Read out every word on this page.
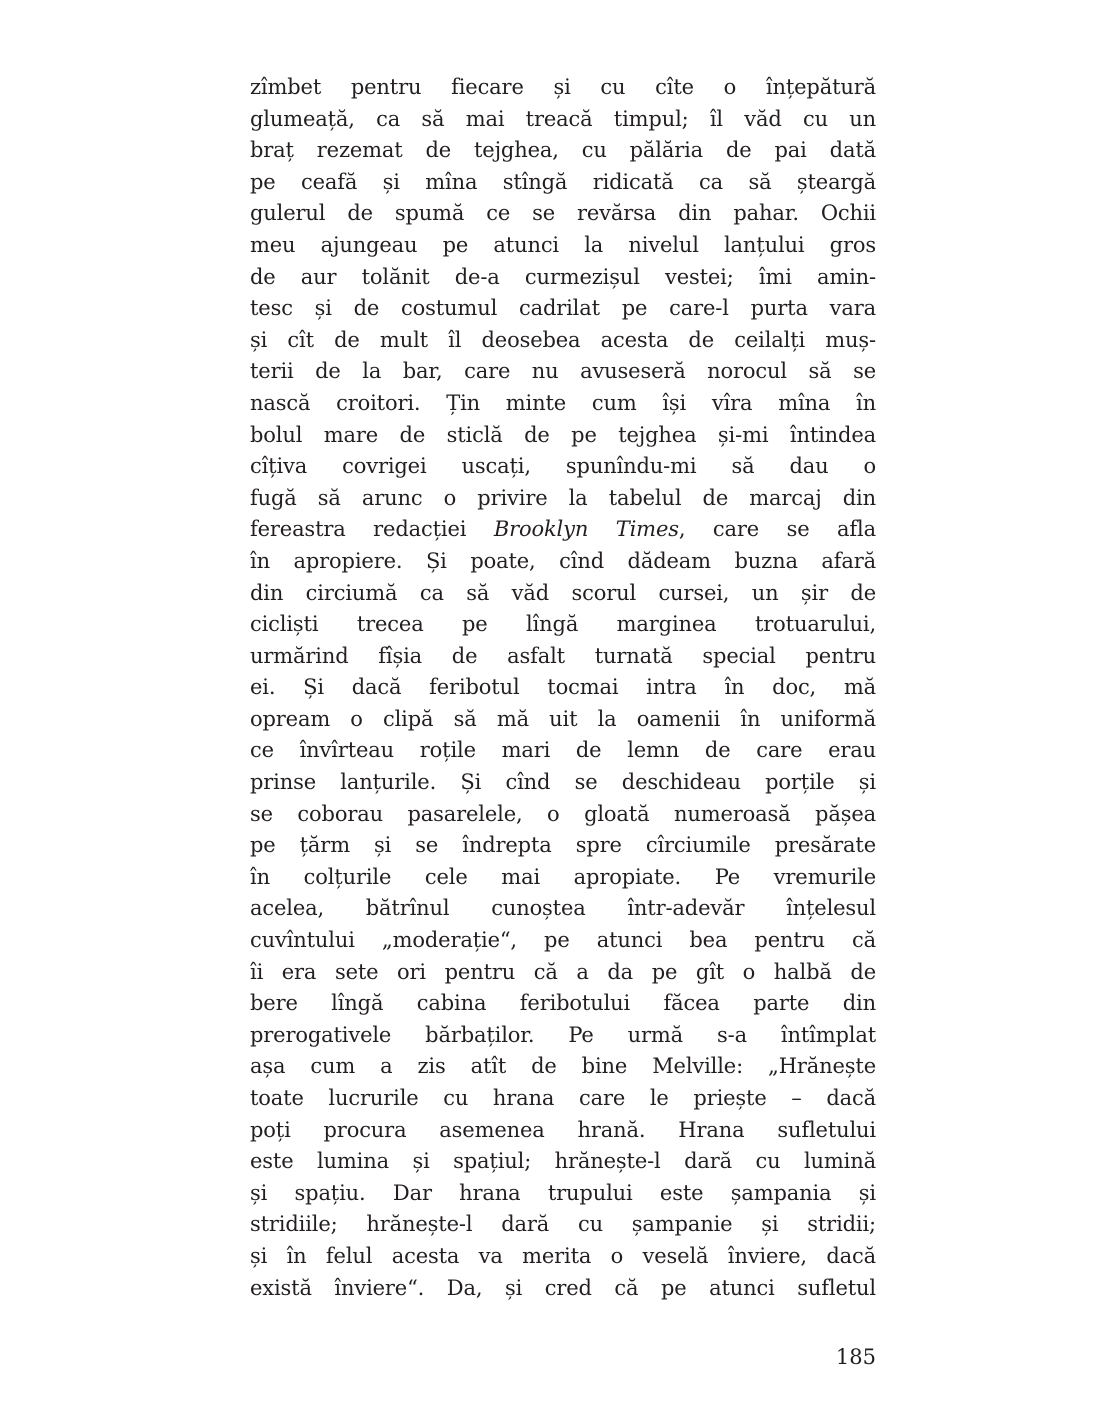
zîmbet pentru fiecare și cu cîte o înțepătură
glumeață, ca să mai treacă timpul; îl văd cu un
braț rezemat de tejghea, cu pălăria de pai dată
pe ceafă și mîna stîngă ridicată ca să șteargă
gulerul de spumă ce se revărsa din pahar. Ochii
meu ajungeau pe atunci la nivelul lanțului gros
de aur tolănit de-a curmezișul vestei; îmi amin-
tesc și de costumul cadrilat pe care-l purta vara
și cît de mult îl deosebea acesta de ceilalți muș-
terii de la bar, care nu avuseseră norocul să se
nască croitori. Țin minte cum își vîra mîna în
bolul mare de sticlă de pe tejghea și-mi întindea
cîțiva covrigei uscați, spunîndu-mi să dau o
fugă să arunc o privire la tabelul de marcaj din
fereastra redacției Brooklyn Times, care se afla
în apropiere. Și poate, cînd dădeam buzna afară
din circiumă ca să văd scorul cursei, un șir de
cicliști trecea pe lîngă marginea trotuarului,
urmărind fîșia de asfalt turnată special pentru
ei. Și dacă feribotul tocmai intra în doc, mă
opream o clipă să mă uit la oamenii în uniformă
ce învîrteau roțile mari de lemn de care erau
prinse lanțurile. Și cînd se deschideau porțile și
se coborau pasarelele, o gloată numeroasă pășea
pe țărm și se îndrepta spre cîrciumile presărate
în colțurile cele mai apropiate. Pe vremurile
acelea, bătrînul cunoștea într-adevăr înțelesul
cuvîntului „moderație“, pe atunci bea pentru că
îi era sete ori pentru că a da pe gît o halbă de
bere lîngă cabina feribotului făcea parte din
prerogativele bărbaților. Pe urmă s-a întîmplat
așa cum a zis atît de bine Melville: „Hrănește
toate lucrurile cu hrana care le priește – dacă
poți procura asemenea hrană. Hrana sufletului
este lumina și spațiul; hrănește-l dară cu lumină
și spațiu. Dar hrana trupului este șampania și
stridiile; hrănește-l dară cu șampanie și stridii;
și în felul acesta va merita o veselă înviere, dacă
există înviere“. Da, și cred că pe atunci sufletul
185
